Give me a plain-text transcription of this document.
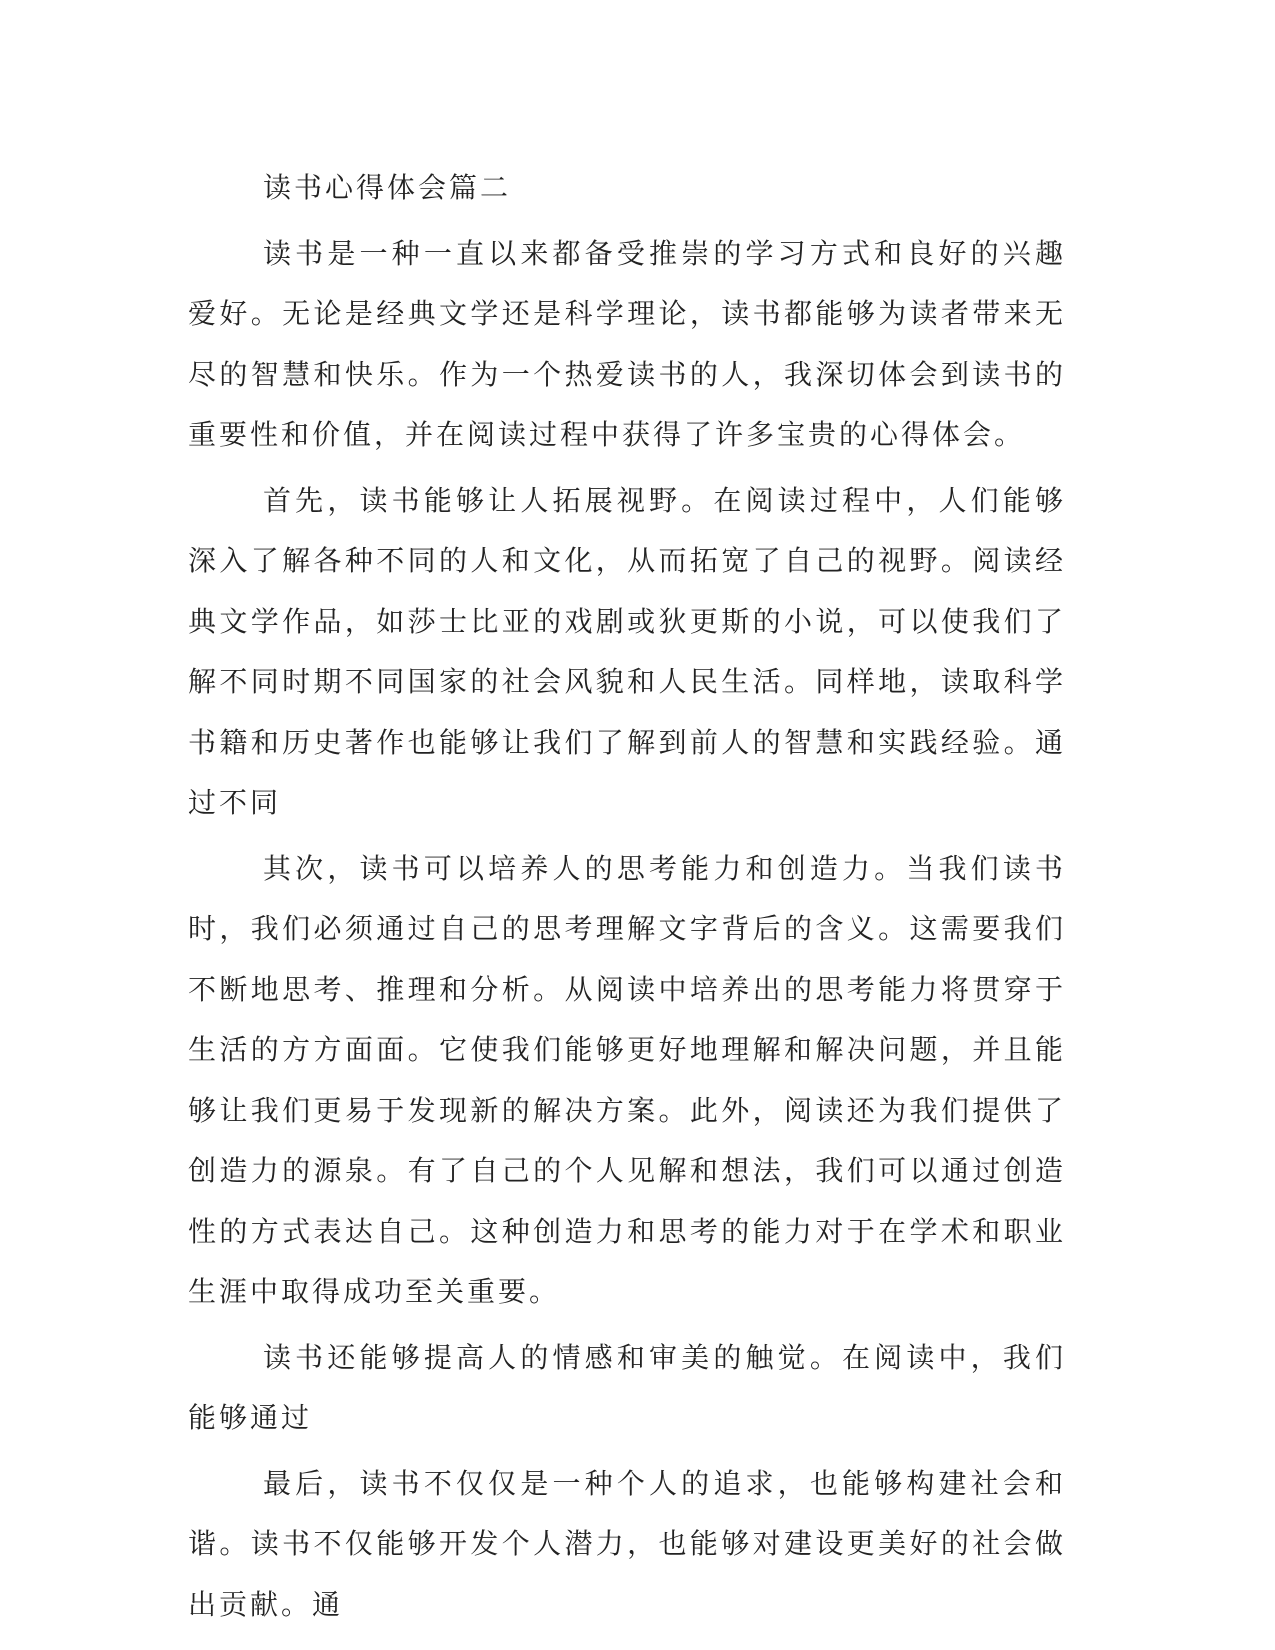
读书心得体会篇二

读书是一种一直以来都备受推崇的学习方式和良好的兴趣爱好。无论是经典文学还是科学理论，读书都能够为读者带来无尽的智慧和快乐。作为一个热爱读书的人，我深切体会到读书的重要性和价值，并在阅读过程中获得了许多宝贵的心得体会。

首先，读书能够让人拓展视野。在阅读过程中，人们能够深入了解各种不同的人和文化，从而拓宽了自己的视野。阅读经典文学作品，如莎士比亚的戏剧或狄更斯的小说，可以使我们了解不同时期不同国家的社会风貌和人民生活。同样地，读取科学书籍和历史著作也能够让我们了解到前人的智慧和实践经验。通过不同

其次，读书可以培养人的思考能力和创造力。当我们读书时，我们必须通过自己的思考理解文字背后的含义。这需要我们不断地思考、推理和分析。从阅读中培养出的思考能力将贯穿于生活的方方面面。它使我们能够更好地理解和解决问题，并且能够让我们更易于发现新的解决方案。此外，阅读还为我们提供了创造力的源泉。有了自己的个人见解和想法，我们可以通过创造性的方式表达自己。这种创造力和思考的能力对于在学术和职业生涯中取得成功至关重要。

读书还能够提高人的情感和审美的触觉。在阅读中，我们能够通过

最后，读书不仅仅是一种个人的追求，也能够构建社会和谐。读书不仅能够开发个人潜力，也能够对建设更美好的社会做出贡献。通
